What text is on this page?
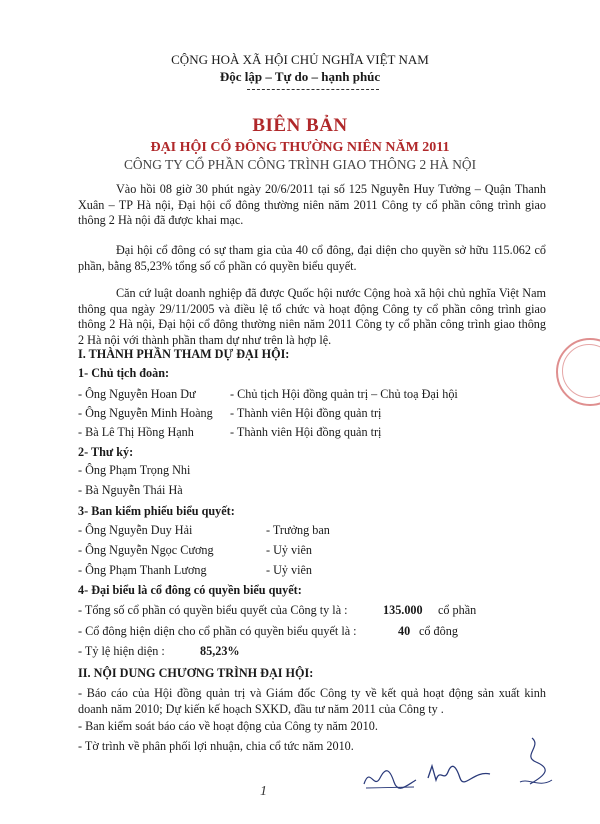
CỘNG HOÀ XÃ HỘI CHỦ NGHĨA VIỆT NAM
Độc lập – Tự do – hạnh phúc
BIÊN BẢN
ĐẠI HỘI CỔ ĐÔNG THƯỜNG NIÊN NĂM 2011
CÔNG TY CỔ PHẦN CÔNG TRÌNH GIAO THÔNG 2 HÀ NỘI
Vào hồi 08 giờ 30 phút ngày 20/6/2011 tại số 125 Nguyễn Huy Tưởng – Quận Thanh Xuân – TP Hà nội, Đại hội cổ đông thường niên năm 2011 Công ty cổ phần công trình giao thông 2 Hà nội đã được khai mạc.
Đại hội cổ đông có sự tham gia của 40 cổ đông, đại diện cho quyền sở hữu 115.062 cổ phần, bằng 85,23% tổng số cổ phần có quyền biểu quyết.
Căn cứ luật doanh nghiệp đã được Quốc hội nước Cộng hoà xã hội chủ nghĩa Việt Nam thông qua ngày 29/11/2005 và điều lệ tổ chức và hoạt động Công ty cổ phần công trình giao thông 2 Hà nội, Đại hội cổ đông thường niên năm 2011 Công ty cổ phần công trình giao thông 2 Hà nội với thành phần tham dự như trên là hợp lệ.
I. THÀNH PHẦN THAM DỰ ĐẠI HỘI:
1- Chủ tịch đoàn:
- Ông Nguyễn Hoan Dư	- Chủ tịch Hội đồng quản trị – Chủ toạ Đại hội
- Ông Nguyễn Minh Hoàng - Thành viên Hội đồng quản trị
- Bà Lê Thị Hồng Hạnh	- Thành viên Hội đồng quản trị
2- Thư ký:
- Ông Phạm Trọng Nhi
- Bà Nguyễn Thái Hà
3- Ban kiểm phiếu biểu quyết:
- Ông Nguyễn Duy Hải	- Trưởng ban
- Ông Nguyễn Ngọc Cương	- Uỷ viên
- Ông Phạm Thanh Lương	- Uỷ viên
4- Đại biểu là cổ đông có quyền biểu quyết:
- Tổng số cổ phần có quyền biểu quyết của Công ty là :	135.000 cổ phần
- Cổ đông hiện diện cho cổ phần có quyền biểu quyết là :	40 cổ đông
- Tỷ lệ hiện diện :	85,23%
II. NỘI DUNG CHƯƠNG TRÌNH ĐẠI HỘI:
- Báo cáo của Hội đồng quản trị và Giám đốc Công ty về kết quả hoạt động sản xuất kinh doanh năm 2010; Dự kiến kế hoạch SXKD, đầu tư năm 2011 của Công ty .
- Ban kiểm soát báo cáo về hoạt động của Công ty năm 2010.
- Tờ trình về phân phối lợi nhuận, chia cổ tức năm 2010.
1
